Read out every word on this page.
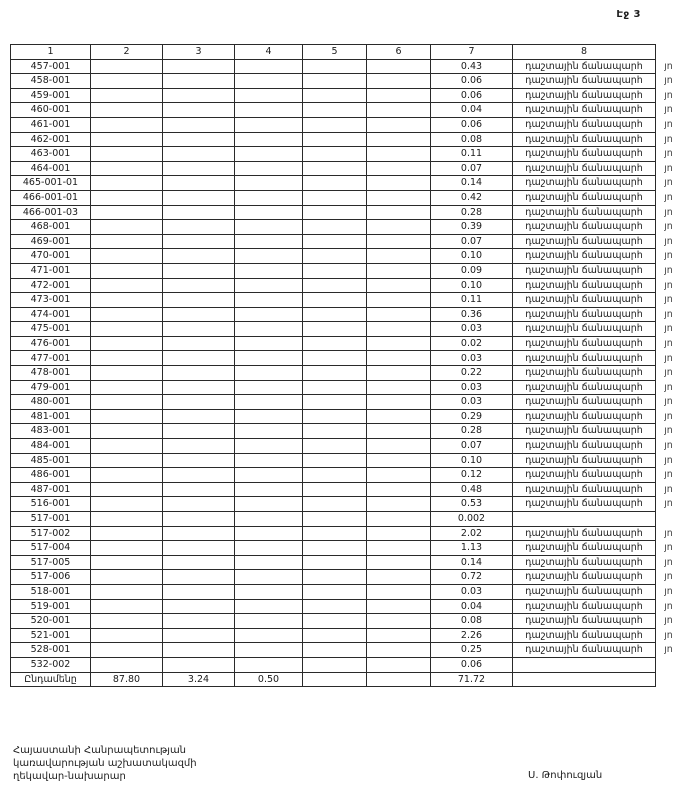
Էջ 3
1	2	3	4	5	6	7	8	
457-001						0.43	դաշտային ճանապարհ	յո
458-001						0.06	դաշտային ճանապարհ	յո
459-001						0.06	դաշտային ճանապարհ	յո
460-001						0.04	դաշտային ճանապարհ	յո
461-001						0.06	դաշտային ճանապարհ	յո
462-001						0.08	դաշտային ճանապարհ	յո
463-001						0.11	դաշտային ճանապարհ	յո
464-001						0.07	դաշտային ճանապարհ	յո
465-001-01						0.14	դաշտային ճանապարհ	յո
466-001-01						0.42	դաշտային ճանապարհ	յո
466-001-03						0.28	դաշտային ճանապարհ	յո
468-001						0.39	դաշտային ճանապարհ	յո
469-001						0.07	դաշտային ճանապարհ	յո
470-001						0.10	դաշտային ճանապարհ	յո
471-001						0.09	դաշտային ճանապարհ	յո
472-001						0.10	դաշտային ճանապարհ	յո
473-001						0.11	դաշտային ճանապարհ	յո
474-001						0.36	դաշտային ճանապարհ	յո
475-001						0.03	դաշտային ճանապարհ	յո
476-001						0.02	դաշտային ճանապարհ	յո
477-001						0.03	դաշտային ճանապարհ	յո
478-001						0.22	դաշտային ճանապարհ	յո
479-001						0.03	դաշտային ճանապարհ	յո
480-001						0.03	դաշտային ճանապարհ	յո
481-001						0.29	դաշտային ճանապարհ	յո
483-001						0.28	դաշտային ճանապարհ	յո
484-001						0.07	դաշտային ճանապարհ	յո
485-001						0.10	դաշտային ճանապարհ	յո
486-001						0.12	դաշտային ճանապարհ	յո
487-001						0.48	դաշտային ճանապարհ	յո
516-001						0.53	դաշտային ճանապարհ	յո
517-001						0.002		
517-002						2.02	դաշտային ճանապարհ	յո
517-004						1.13	դաշտային ճանապարհ	յո
517-005						0.14	դաշտային ճանապարհ	յո
517-006						0.72	դաշտային ճանապարհ	յո
518-001						0.03	դաշտային ճանապարհ	յո
519-001						0.04	դաշտային ճանապարհ	յո
520-001						0.08	դաշտային ճանապարհ	յո
521-001						2.26	դաշտային ճանապարհ	յո
528-001						0.25	դաշտային ճանապարհ	յո
532-002						0.06		
Ընդամենը	87.80	3.24	0.50			71.72		
Հայաստանի Հանրապետության
կառավարության աշխատակազմի
ղեկավար-նախարար	Ս. Թոփուզյան
